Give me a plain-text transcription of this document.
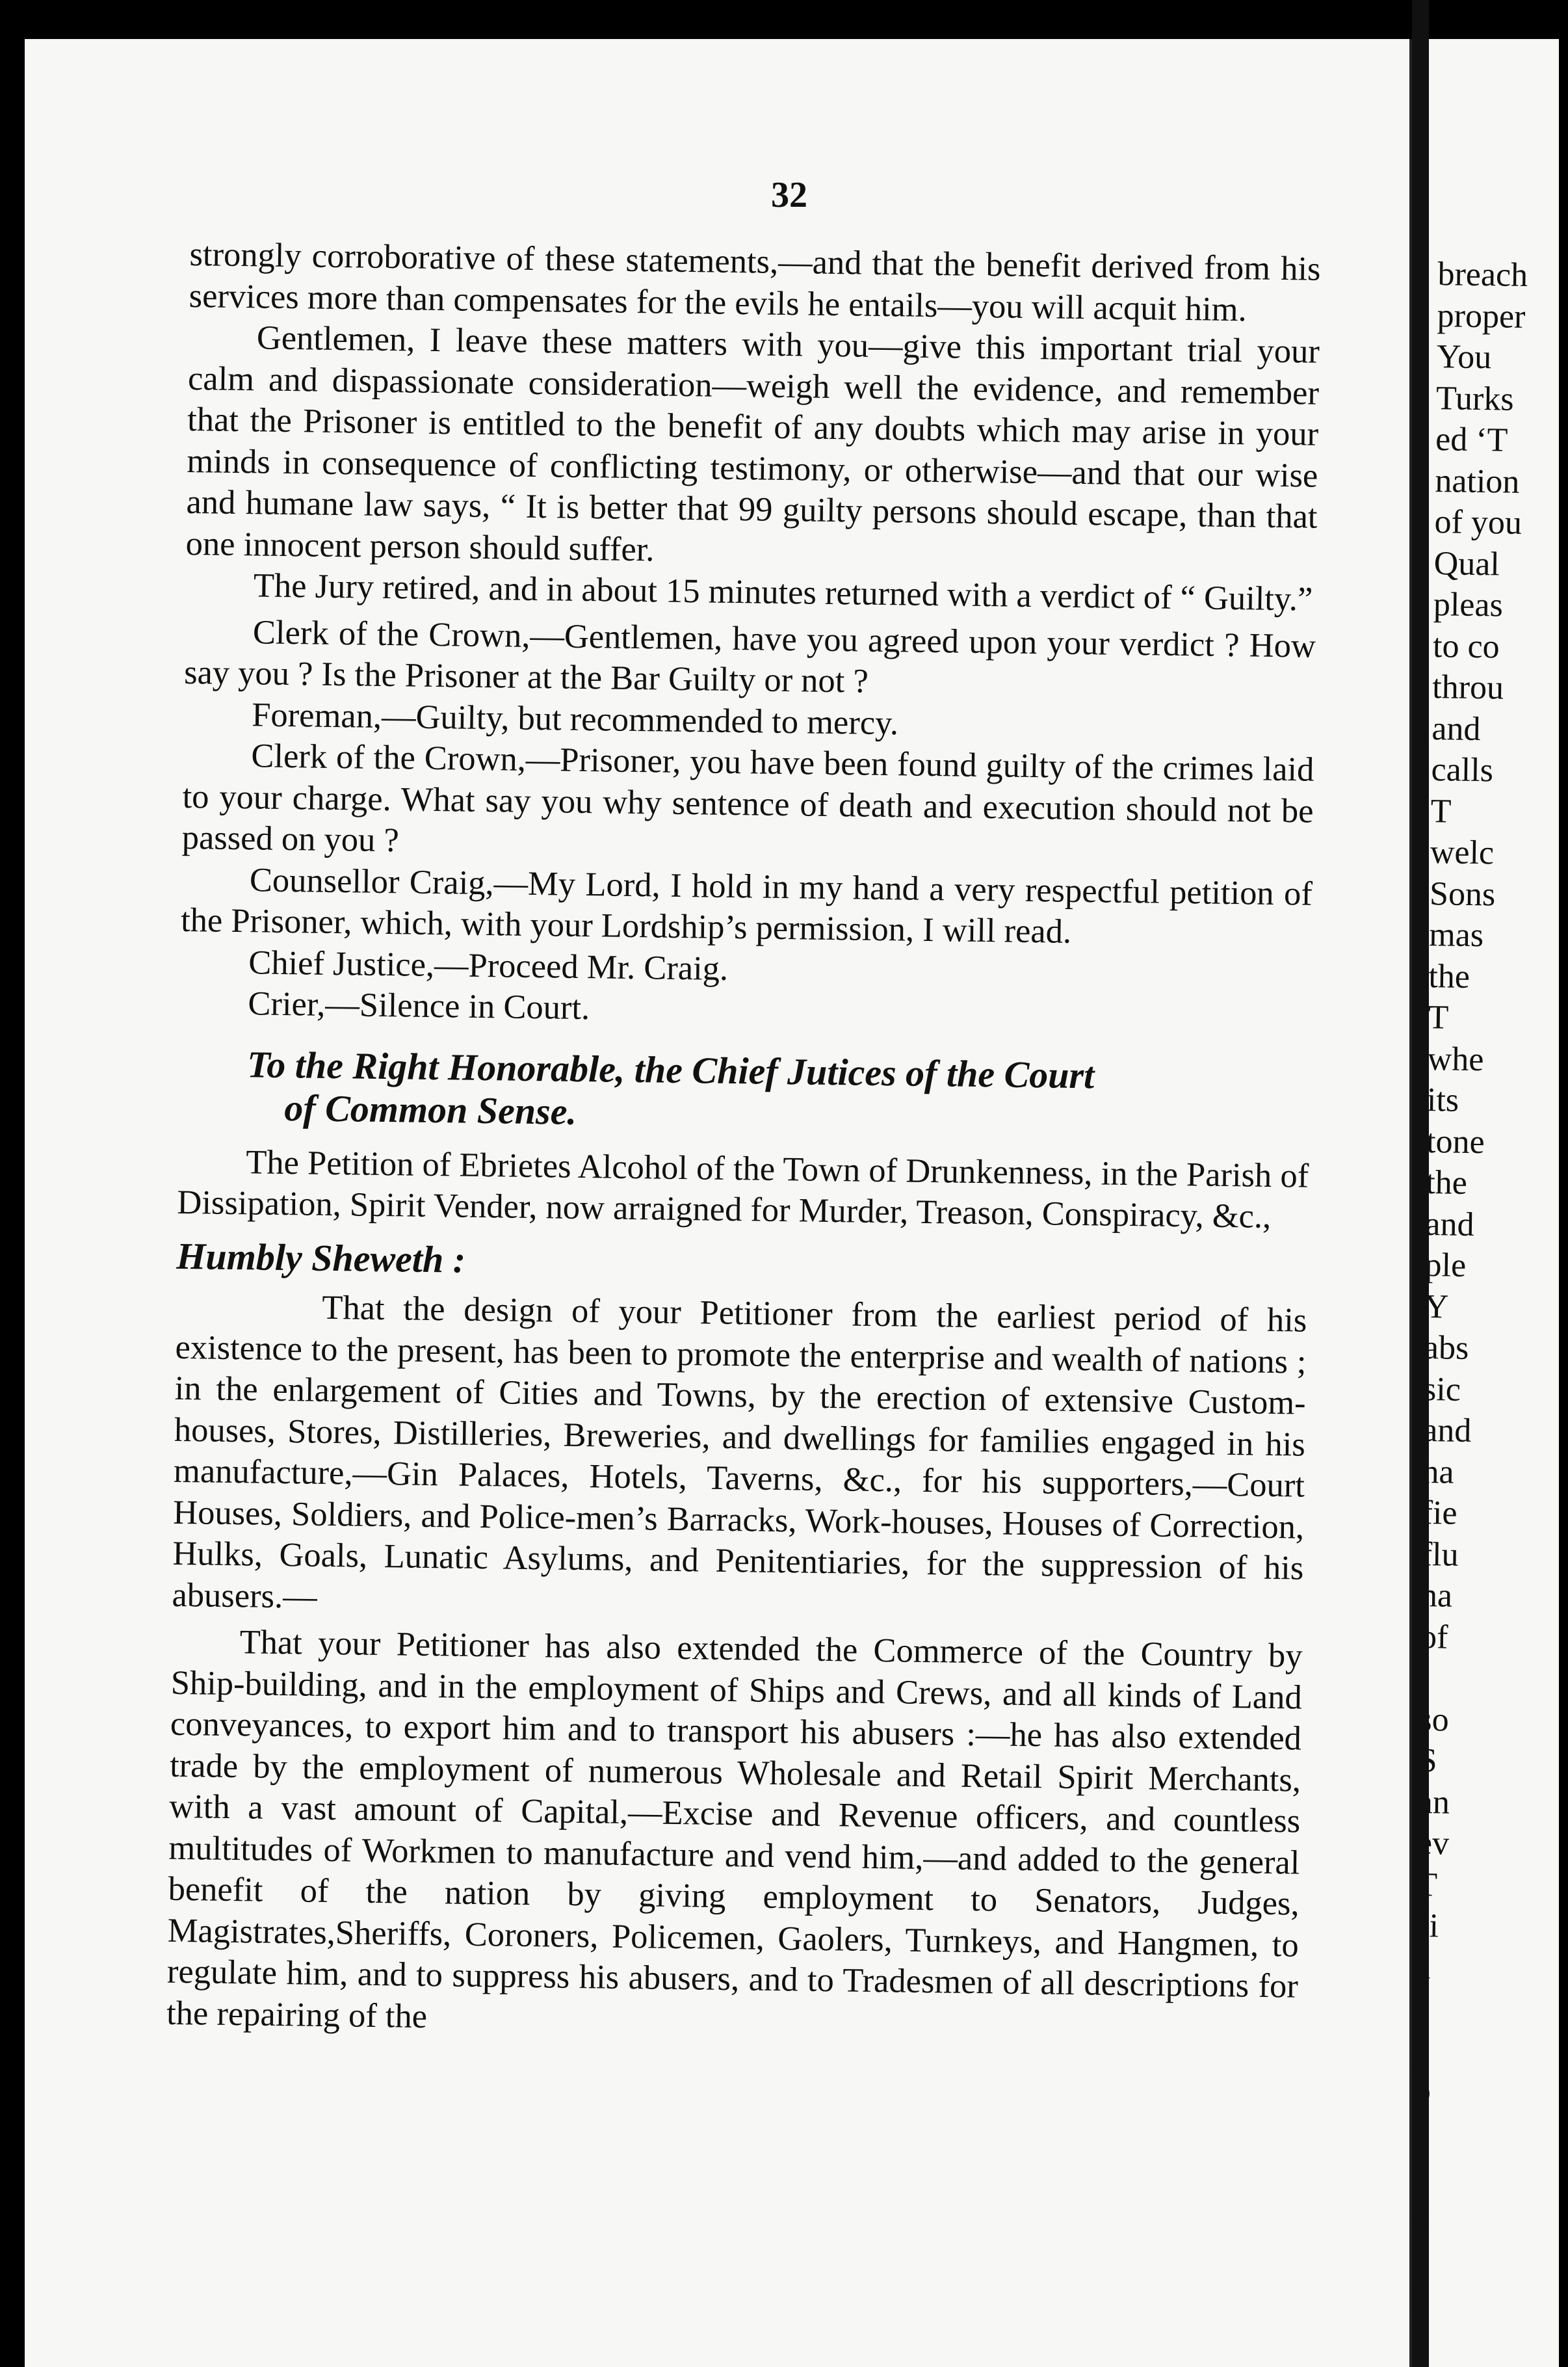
breach
proper
You
Turks
ed ‘T
nation
of you
Qual
pleas
to co
throu
and
calls
T
welc
Sons
mas
the
T
whe
its
tone
the
and
ple
Y
abs
sic
and
ha
fie
flu
ha
of
so
S
an
ev
T
si
a
s
j
p
c
I
32

strongly corroborative of these statements,—and that the benefit derived from his services more than compensates for the evils he entails—you will acquit him.

Gentlemen, I leave these matters with you—give this important trial your calm and dispassionate consideration—weigh well the evidence, and remember that the Prisoner is entitled to the benefit of any doubts which may arise in your minds in consequence of conflicting testimony, or otherwise—and that our wise and humane law says, “ It is better that 99 guilty persons should escape, than that one innocent person should suffer.

The Jury retired, and in about 15 minutes returned with a verdict of “ Guilty.”

Clerk of the Crown,—Gentlemen, have you agreed upon your verdict ? How say you ? Is the Prisoner at the Bar Guilty or not ?

Foreman,—Guilty, but recommended to mercy.

Clerk of the Crown,—Prisoner, you have been found guilty of the crimes laid to your charge. What say you why sentence of death and execution should not be passed on you ?

Counsellor Craig,—My Lord, I hold in my hand a very respectful petition of the Prisoner, which, with your Lordship’s permission, I will read.

Chief Justice,—Proceed Mr. Craig.

Crier,—Silence in Court.

To the Right Honorable, the Chief Jutices of the Court
of Common Sense.

The Petition of Ebrietes Alcohol of the Town of Drunkenness, in the Parish of Dissipation, Spirit Vender, now arraigned for Murder, Treason, Conspiracy, &c.,

Humbly Sheweth :

That the design of your Petitioner from the earliest period of his existence to the present, has been to promote the enterprise and wealth of nations ; in the enlargement of Cities and Towns, by the erection of extensive Custom-houses, Stores, Distilleries, Breweries, and dwellings for families engaged in his manufacture,—Gin Palaces, Hotels, Taverns, &c., for his supporters,—Court Houses, Soldiers, and Police-men’s Barracks, Work-houses, Houses of Correction, Hulks, Goals, Lunatic Asylums, and Penitentiaries, for the suppression of his abusers.—

That your Petitioner has also extended the Commerce of the Country by Ship-building, and in the employment of Ships and Crews, and all kinds of Land conveyances, to export him and to transport his abusers :—he has also extended trade by the employment of numerous Wholesale and Retail Spirit Merchants, with a vast amount of Capital,—Excise and Revenue officers, and countless multitudes of Workmen to manufacture and vend him,—and added to the general benefit of the nation by giving employment to Senators, Judges, Magistrates,Sheriffs, Coroners, Policemen, Gaolers, Turnkeys, and Hangmen, to regulate him, and to suppress his abusers, and to Tradesmen of all descriptions for the repairing of the
